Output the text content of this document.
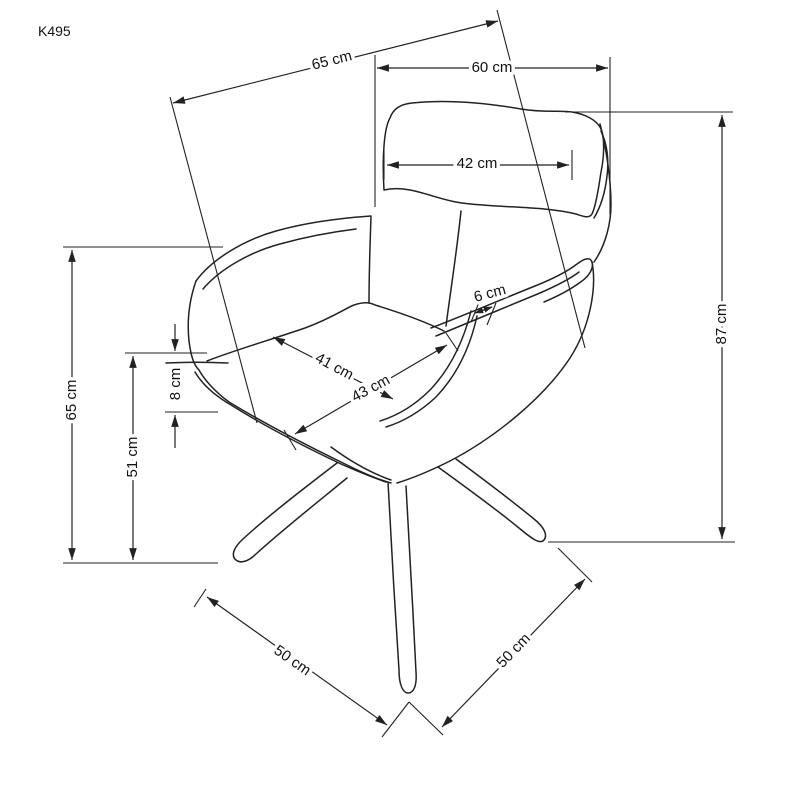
65 cm	60 cm
42 cm
87 cm
65 cm
51 cm
8 cm
41 cm
43 cm
6 cm
50 cm	50 cm
K495
